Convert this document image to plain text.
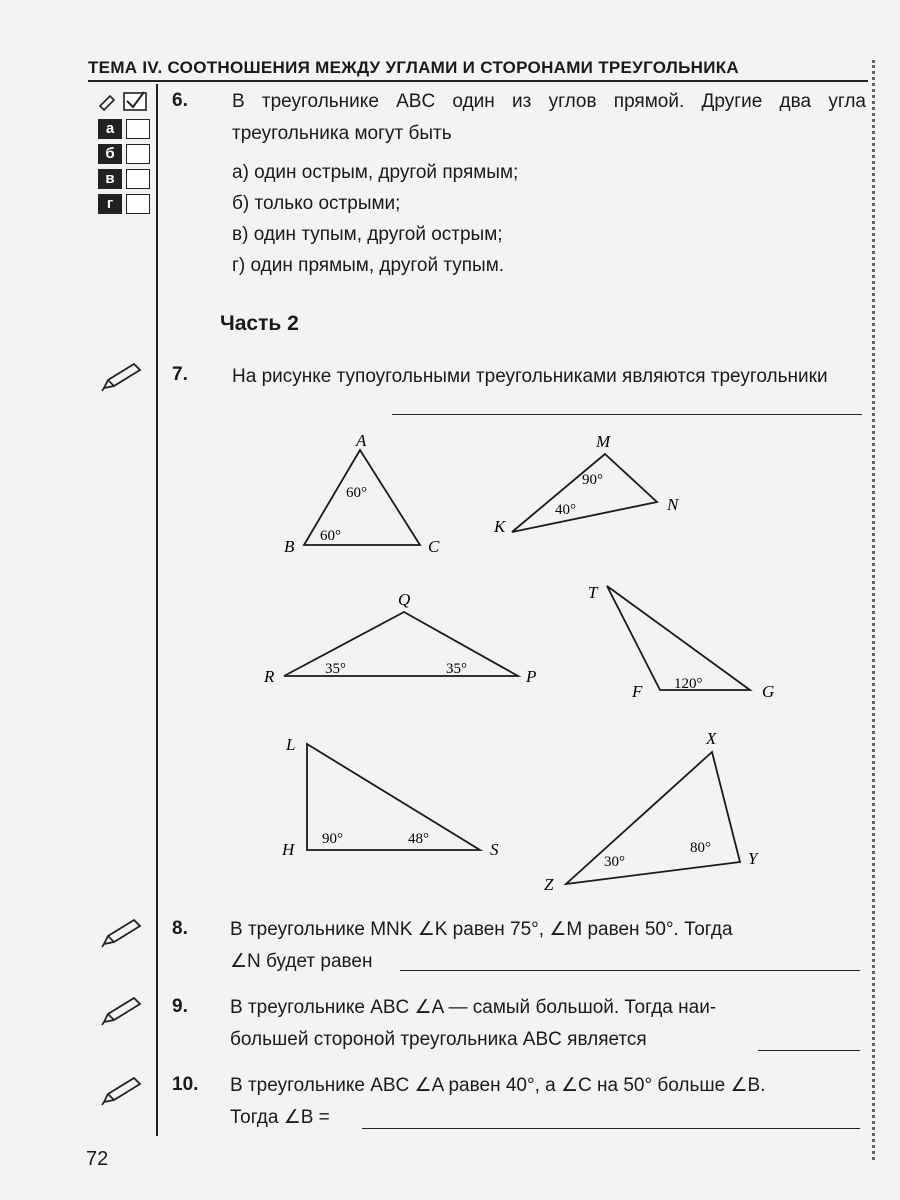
ТЕМА IV. СООТНОШЕНИЯ МЕЖДУ УГЛАМИ И СТОРОНАМИ ТРЕУГОЛЬНИКА
а
б
в
г
6. В треугольнике ABC один из углов прямой. Другие два угла треугольника могут быть
а) один острым, другой прямым;
б) только острыми;
в) один тупым, другой острым;
г) один прямым, другой тупым.
Часть 2
7. На рисунке тупоугольными треугольниками являются треугольники
A
B	C
M
N
K
Q
R	P
T
F	G
L
H	S
X
Z
Y
60°
60°
90°
40°
35°	35°
120°
90°	48°
30°
80°
8. В треугольнике MNK ∠K равен 75°, ∠M равен 50°. Тогда
∠N будет равен
9. В треугольнике ABC ∠A — самый большой. Тогда наи-
большей стороной треугольника ABC является
10. В треугольнике ABC ∠A равен 40°, а ∠C на 50° больше ∠B.
Тогда ∠B =
72
